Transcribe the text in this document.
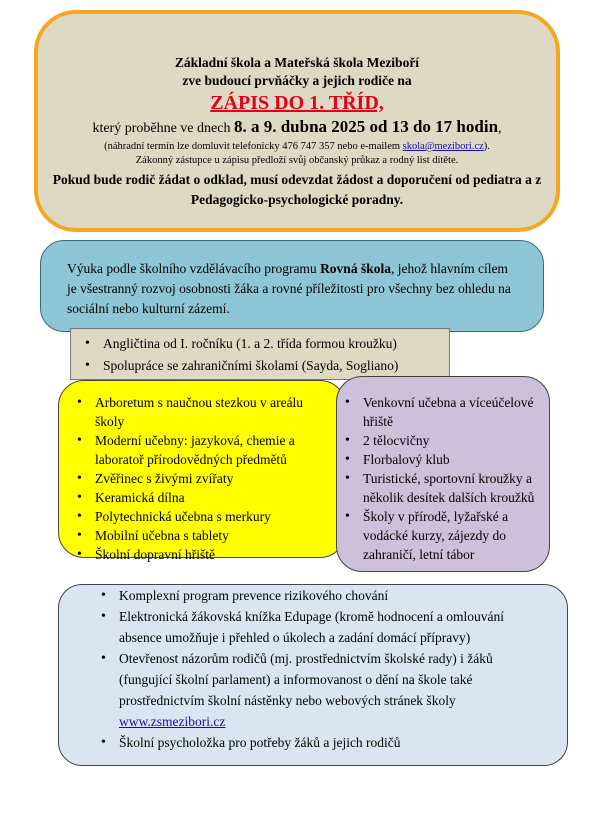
Základní škola a Mateřská škola Meziboří
zve budoucí prvňáčky a jejich rodiče na
ZÁPIS DO 1. TŘÍD,
který proběhne ve dnech 8. a 9. dubna 2025 od 13 do 17 hodin,
(náhradní termín lze domluvit telefonicky 476 747 357 nebo e-mailem skola@mezibori.cz).
Zákonný zástupce u zápisu předloží svůj občanský průkaz a rodný list dítěte.
Pokud bude rodič žádat o odklad, musí odevzdat žádost a doporučení od pediatra a z Pedagogicko-psychologické poradny.
Výuka podle školního vzdělávacího programu Rovná škola, jehož hlavním cílem je všestranný rozvoj osobnosti žáka a rovné příležitosti pro všechny bez ohledu na sociální nebo kulturní zázemí.
• Angličtina od I. ročníku (1. a 2. třída formou kroužku)
• Spolupráce se zahraničními školami (Sayda, Sogliano)
• Arboretum s naučnou stezkou v areálu školy
• Moderní učebny: jazyková, chemie a laboratoř přírodovědných předmětů
• Zvěřinec s živými zvířaty
• Keramická dílna
• Polytechnická učebna s merkury
• Mobilní učebna s tablety
• Školní dopravní hřiště
• Venkovní učebna a víceúčelové hřiště
• 2 tělocvičny
• Florbalový klub
• Turistické, sportovní kroužky a několik desítek dalších kroužků
• Školy v přírodě, lyžařské a vodácké kurzy, zájezdy do zahraničí, letní tábor
• Komplexní program prevence rizikového chování
• Elektronická žákovská knížka Edupage (kromě hodnocení a omlouvání absence umožňuje i přehled o úkolech a zadání domácí přípravy)
• Otevřenost názorům rodičů (mj. prostřednictvím školské rady) i žáků (fungující školní parlament) a informovanost o dění na škole také prostřednictvím školní nástěnky nebo webových stránek školy www.zsmezibori.cz
• Školní psycholožka pro potřeby žáků a jejich rodičů
